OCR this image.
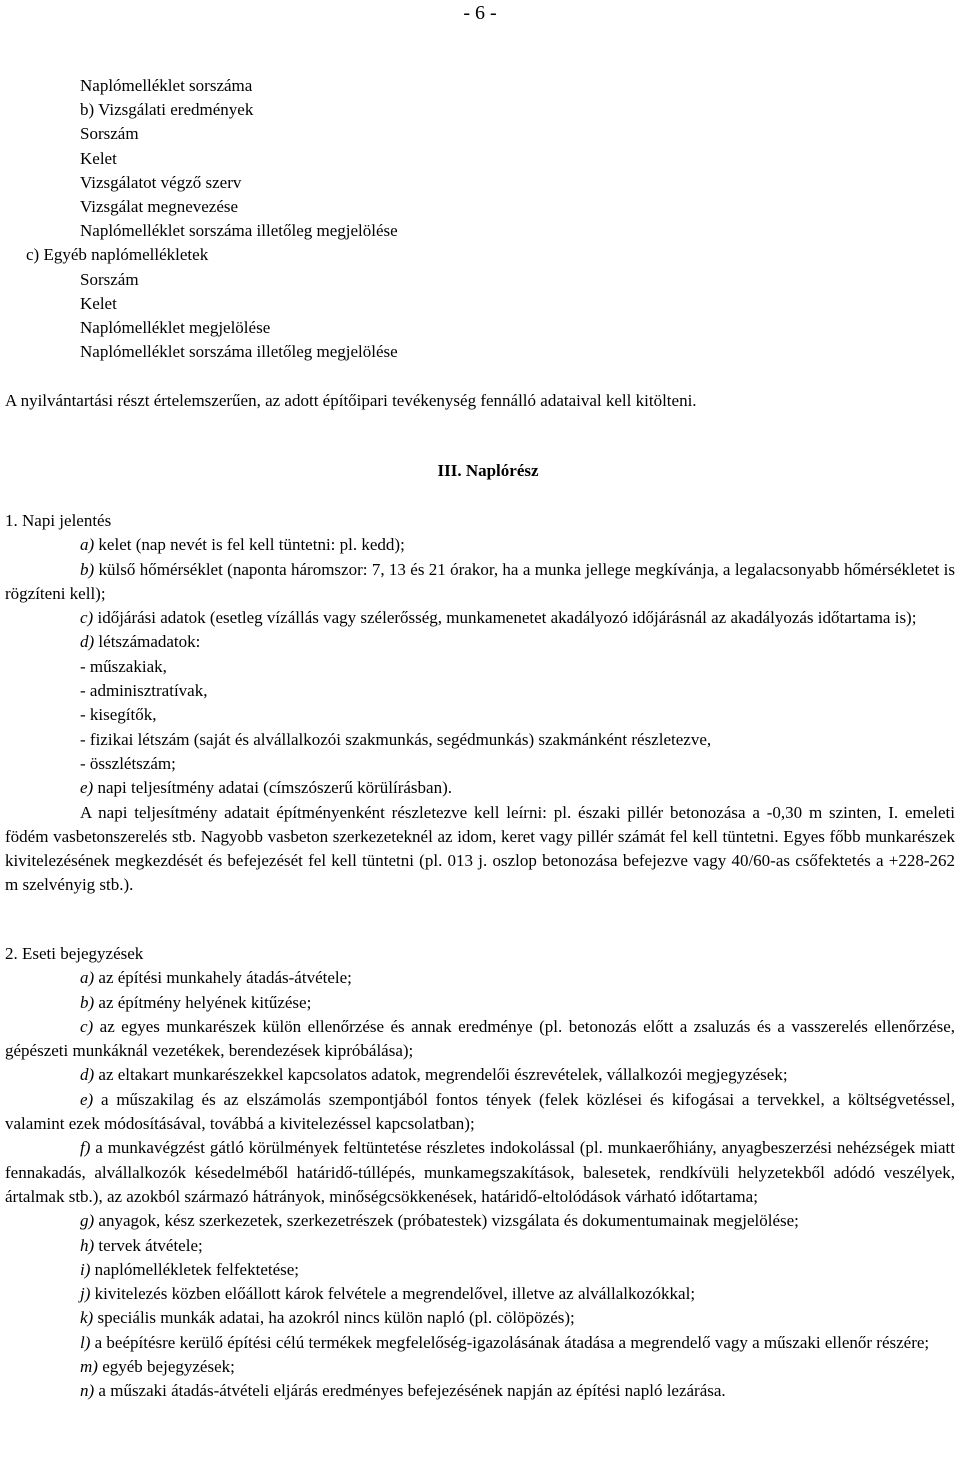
- 6 -
Naplómelléklet sorszáma
b) Vizsgálati eredmények
Sorszám
Kelet
Vizsgálatot végző szerv
Vizsgálat megnevezése
Naplómelléklet sorszáma illetőleg megjelölése
c) Egyéb naplómellékletek
Sorszám
Kelet
Naplómelléklet megjelölése
Naplómelléklet sorszáma illetőleg megjelölése
A nyilvántartási részt értelemszerűen, az adott építőipari tevékenység fennálló adataival kell kitölteni.
III. Naplórész
1. Napi jelentés
a) kelet (nap nevét is fel kell tüntetni: pl. kedd);
b) külső hőmérséklet (naponta háromszor: 7, 13 és 21 órakor, ha a munka jellege megkívánja, a legalacsonyabb hőmérsékletet is rögzíteni kell);
c) időjárási adatok (esetleg vízállás vagy szélerősség, munkamenetet akadályozó időjárásnál az akadályozás időtartama is);
d) létszámadatok:
- műszakiak,
- adminisztratívak,
- kisegítők,
- fizikai létszám (saját és alvállalkozói szakmunkás, segédmunkás) szakmánként részletezve,
- összlétszám;
e) napi teljesítmény adatai (címszószerű körülírásban).
A napi teljesítmény adatait építményenként részletezve kell leírni: pl. északi pillér betonozása a -0,30 m szinten, I. emeleti födém vasbetonszerelés stb. Nagyobb vasbeton szerkezeteknél az idom, keret vagy pillér számát fel kell tüntetni. Egyes főbb munkarészek kivitelezésének megkezdését és befejezését fel kell tüntetni (pl. 013 j. oszlop betonozása befejezve vagy 40/60-as csőfektetés a +228-262 m szelvényig stb.).
2. Eseti bejegyzések
a) az építési munkahely átadás-átvétele;
b) az építmény helyének kitűzése;
c) az egyes munkarészek külön ellenőrzése és annak eredménye (pl. betonozás előtt a zsaluzás és a vasszerelés ellenőrzése, gépészeti munkáknál vezetékek, berendezések kipróbálása);
d) az eltakart munkarészekkel kapcsolatos adatok, megrendelői észrevételek, vállalkozói megjegyzések;
e) a műszakilag és az elszámolás szempontjából fontos tények (felek közlései és kifogásai a tervekkel, a költségvetéssel, valamint ezek módosításával, továbbá a kivitelezéssel kapcsolatban);
f) a munkavégzést gátló körülmények feltüntetése részletes indokolással (pl. munkaerőhiány, anyagbeszerzési nehézségek miatt fennakadás, alvállalkozók késedelméből határidő-túllépés, munkamegszakítások, balesetek, rendkívüli helyzetekből adódó veszélyek, ártalmak stb.), az azokból származó hátrányok, minőségcsökkenések, határidő-eltolódások várható időtartama;
g) anyagok, kész szerkezetek, szerkezetrészek (próbatestek) vizsgálata és dokumentumainak megjelölése;
h) tervek átvétele;
i) naplómellékletek felfektetése;
j) kivitelezés közben előállott károk felvétele a megrendelővel, illetve az alvállalkozókkal;
k) speciális munkák adatai, ha azokról nincs külön napló (pl. cölöpözés);
l) a beépítésre kerülő építési célú termékek megfelelőség-igazolásának átadása a megrendelő vagy a műszaki ellenőr részére;
m) egyéb bejegyzések;
n) a műszaki átadás-átvételi eljárás eredményes befejezésének napján az építési napló lezárása.
